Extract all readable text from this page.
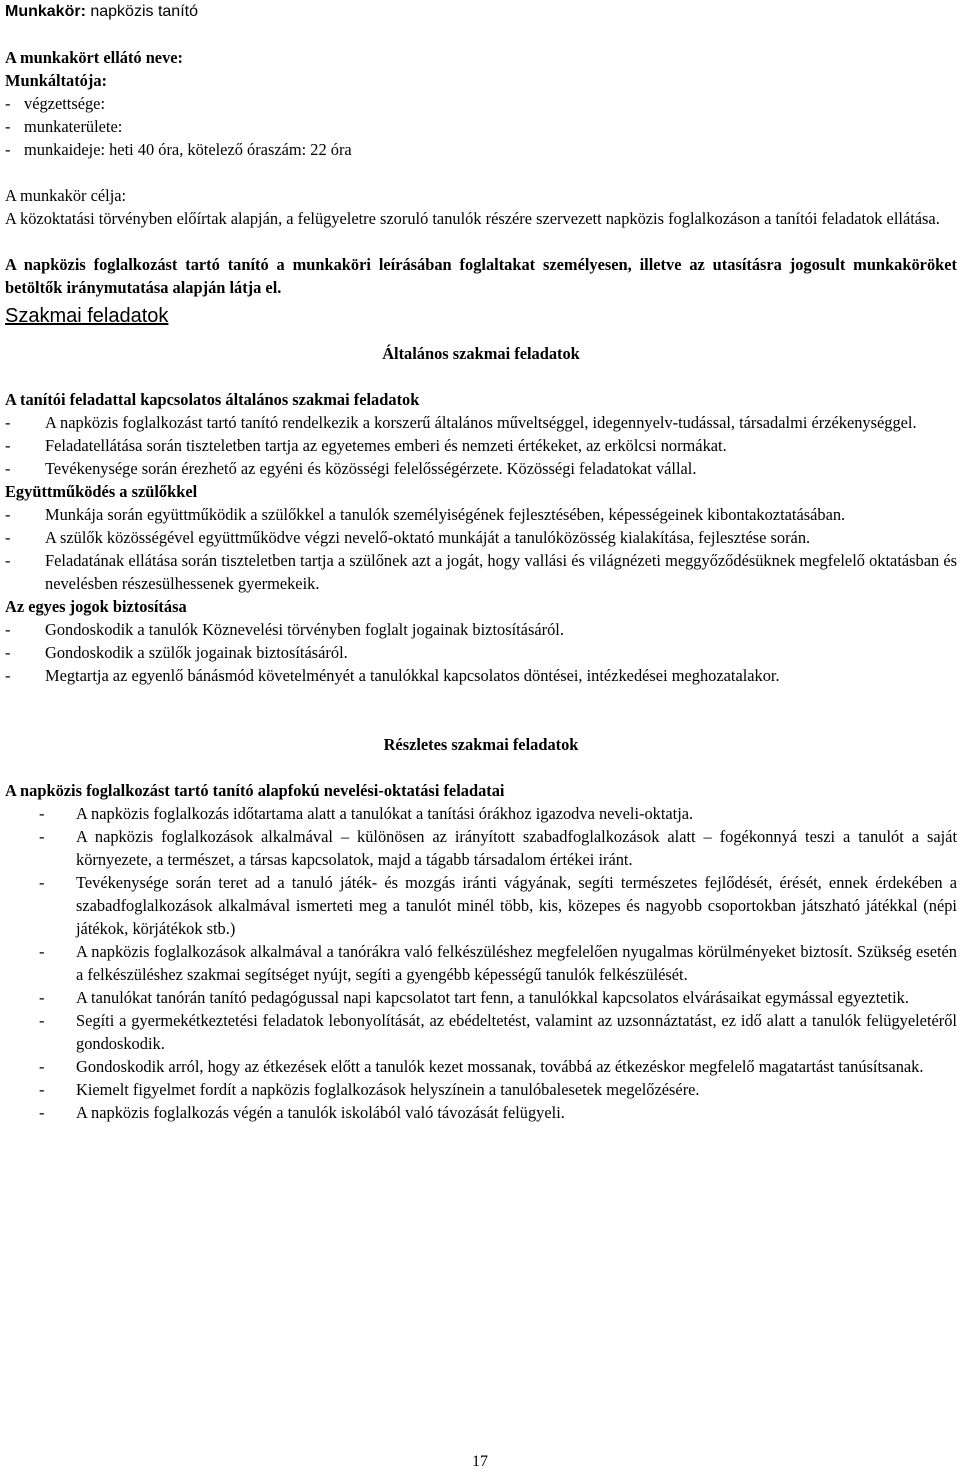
Munkakör: napközis tanító

A munkakört ellátó neve:

Munkáltatója:

- végzettsége:
- munkaterülete:
- munkaideje: heti 40 óra, kötelező óraszám: 22 óra

A munkakör célja:

A közoktatási törvényben előírtak alapján, a felügyeletre szoruló tanulók részére szervezett napközis foglalkozáson a tanítói feladatok ellátása.

A napközis foglalkozást tartó tanító a munkaköri leírásában foglaltakat személyesen, illetve az utasításra jogosult munkaköröket betöltők iránymutatása alapján látja el.

Szakmai feladatok

Általános szakmai feladatok

A tanítói feladattal kapcsolatos általános szakmai feladatok

- A napközis foglalkozást tartó tanító rendelkezik a korszerű általános műveltséggel, idegennyelv-tudással, társadalmi érzékenységgel.
- Feladatellátása során tiszteletben tartja az egyetemes emberi és nemzeti értékeket, az erkölcsi normákat.
- Tevékenysége során érezhető az egyéni és közösségi felelősségérzete. Közösségi feladatokat vállal.

Együttműködés a szülőkkel

- Munkája során együttműködik a szülőkkel a tanulók személyiségének fejlesztésében, képességeinek kibontakoztatásában.
- A szülők közösségével együttműködve végzi nevelő-oktató munkáját a tanulóközösség kialakítása, fejlesztése során.
- Feladatának ellátása során tiszteletben tartja a szülőnek azt a jogát, hogy vallási és világnézeti meggyőződésüknek megfelelő oktatásban és nevelésben részesülhessenek gyermekeik.

Az egyes jogok biztosítása

- Gondoskodik a tanulók Köznevelési törvényben foglalt jogainak biztosításáról.
- Gondoskodik a szülők jogainak biztosításáról.
- Megtartja az egyenlő bánásmód követelményét a tanulókkal kapcsolatos döntései, intézkedései meghozatalakor.

Részletes szakmai feladatok

A napközis foglalkozást tartó tanító alapfokú nevelési-oktatási feladatai

- A napközis foglalkozás időtartama alatt a tanulókat a tanítási órákhoz igazodva neveli-oktatja.
- A napközis foglalkozások alkalmával – különösen az irányított szabadfoglalkozások alatt – fogékonnyá teszi a tanulót a saját környezete, a természet, a társas kapcsolatok, majd a tágabb társadalom értékei iránt.
- Tevékenysége során teret ad a tanuló játék- és mozgás iránti vágyának, segíti természetes fejlődését, érését, ennek érdekében a szabadfoglalkozások alkalmával ismerteti meg a tanulót minél több, kis, közepes és nagyobb csoportokban játszható játékkal (népi játékok, körjátékok stb.)
- A napközis foglalkozások alkalmával a tanórákra való felkészüléshez megfelelően nyugalmas körülményeket biztosít. Szükség esetén a felkészüléshez szakmai segítséget nyújt, segíti a gyengébb képességű tanulók felkészülését.
- A tanulókat tanórán tanító pedagógussal napi kapcsolatot tart fenn, a tanulókkal kapcsolatos elvárásaikat egymással egyeztetik.
- Segíti a gyermekétkeztetési feladatok lebonyolítását, az ebédeltetést, valamint az uzsonnáztatást, ez idő alatt a tanulók felügyeletéről gondoskodik.
- Gondoskodik arról, hogy az étkezések előtt a tanulók kezet mossanak, továbbá az étkezéskor megfelelő magatartást tanúsítsanak.
- Kiemelt figyelmet fordít a napközis foglalkozások helyszínein a tanulóbalesetek megelőzésére.
- A napközis foglalkozás végén a tanulók iskolából való távozását felügyeli.
17
